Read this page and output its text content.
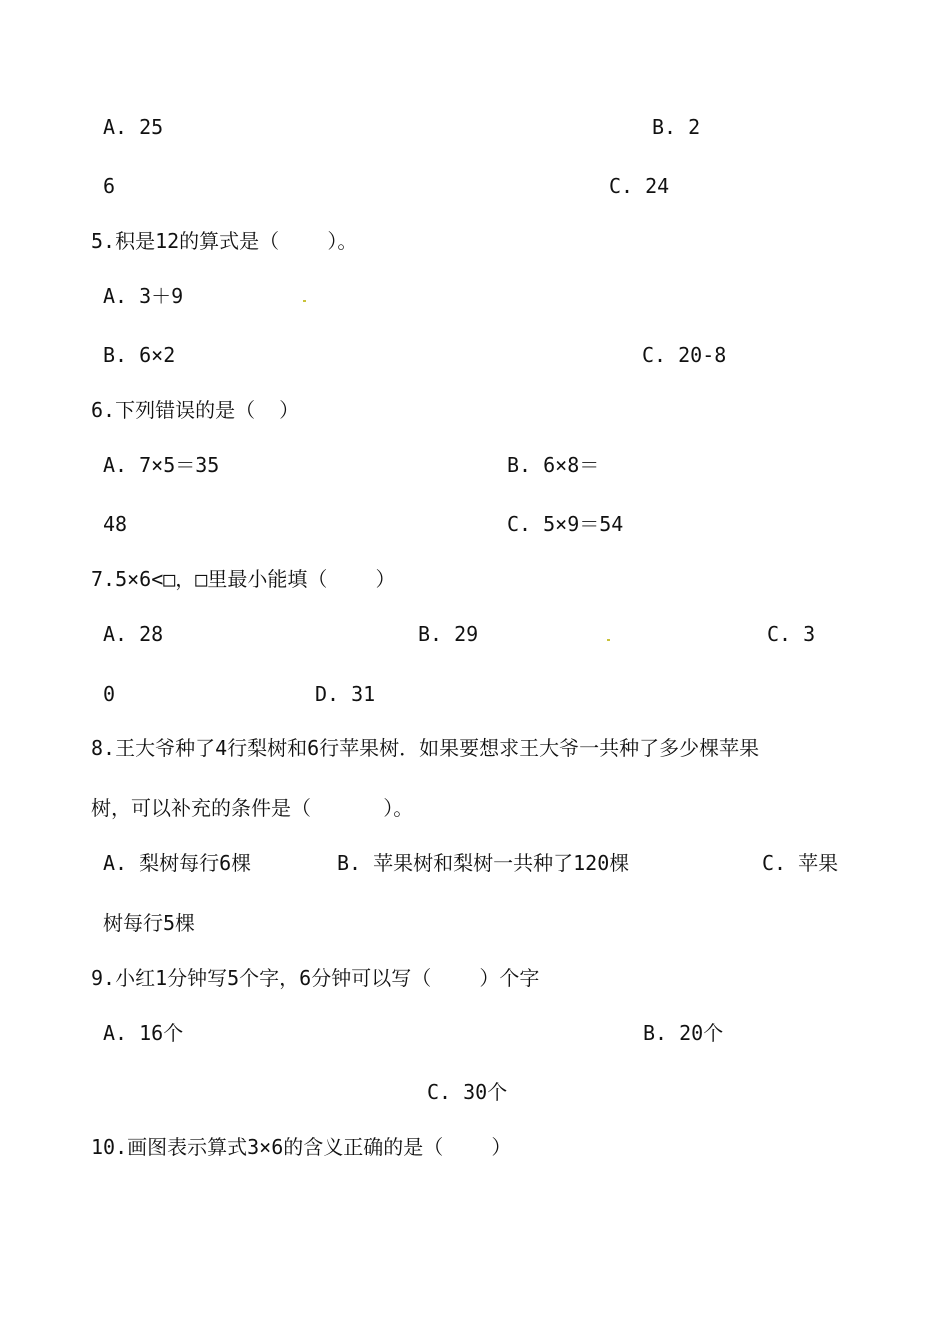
A. 25	B. 2
6	C. 24
5.积是12的算式是（    ）。
A. 3＋9
B. 6×2	C. 20-8
6.下列错误的是（  ）
A. 7×5＝35	B. 6×8＝
48	C. 5×9＝54
7.5×6<□，□里最小能填（    ）
A. 28	B. 29	C. 3
0	D. 31
8.王大爷种了4行梨树和6行苹果树．如果要想求王大爷一共种了多少棵苹果
树，可以补充的条件是（      ）。
A. 梨树每行6棵	B. 苹果树和梨树一共种了120棵	C. 苹果
树每行5棵
9.小红1分钟写5个字，6分钟可以写（    ）个字
A. 16个	B. 20个
C. 30个
10.画图表示算式3×6的含义正确的是（    ）
